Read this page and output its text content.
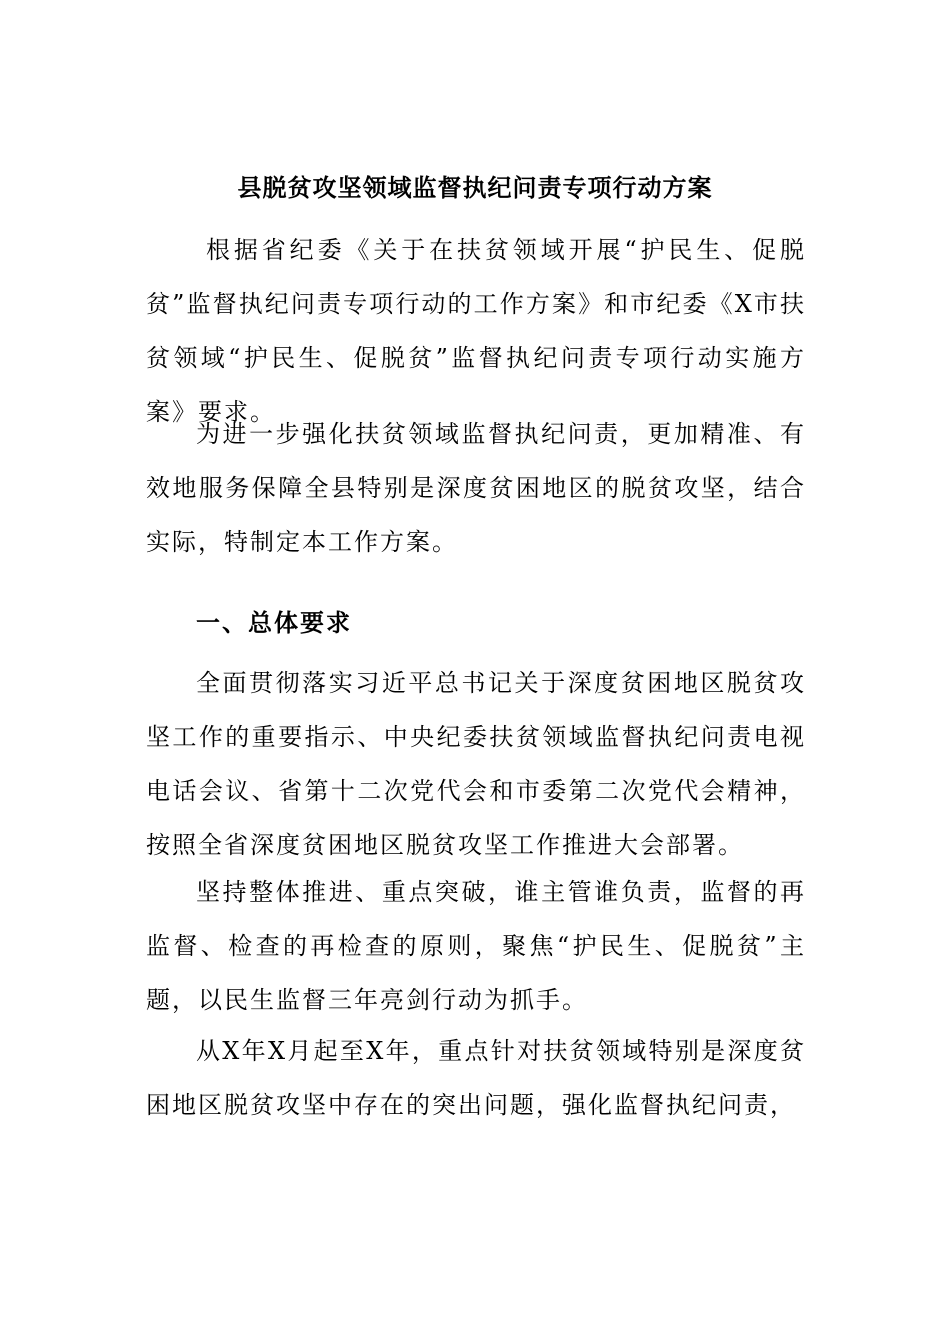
县脱贫攻坚领域监督执纪问责专项行动方案

根据省纪委《关于在扶贫领域开展“护民生、促脱贫”监督执纪问责专项行动的工作方案》和市纪委《X市扶贫领域“护民生、促脱贫”监督执纪问责专项行动实施方案》要求。

为进一步强化扶贫领域监督执纪问责，更加精准、有效地服务保障全县特别是深度贫困地区的脱贫攻坚，结合实际，特制定本工作方案。

一、总体要求

全面贯彻落实习近平总书记关于深度贫困地区脱贫攻坚工作的重要指示、中央纪委扶贫领域监督执纪问责电视电话会议、省第十二次党代会和市委第二次党代会精神，按照全省深度贫困地区脱贫攻坚工作推进大会部署。

坚持整体推进、重点突破，谁主管谁负责，监督的再监督、检查的再检查的原则，聚焦“护民生、促脱贫”主题，以民生监督三年亮剑行动为抓手。

从X年X月起至X年，重点针对扶贫领域特别是深度贫困地区脱贫攻坚中存在的突出问题，强化监督执纪问责，
